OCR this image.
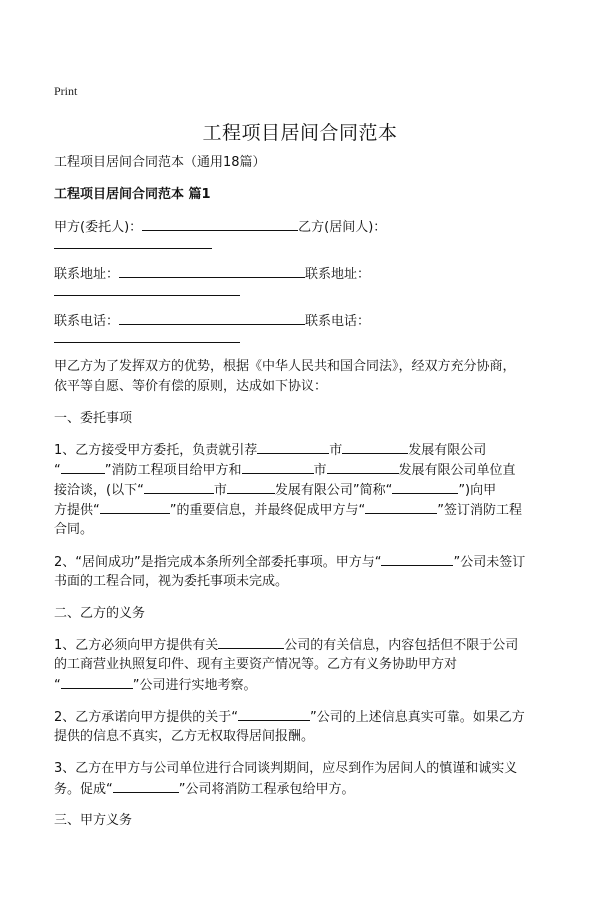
Print
工程项目居间合同范本
工程项目居间合同范本（通用18篇）
工程项目居间合同范本 篇1
甲方(委托人)：	乙方(居间人)：
联系地址：	联系地址：
联系电话：	联系电话：
甲乙方为了发挥双方的优势，根据《中华人民共和国合同法》，经双方充分协商，
依平等自愿、等价有偿的原则，达成如下协议：
一、委托事项
1、乙方接受甲方委托，负责就引荐	市	发展有限公司
“	”消防工程项目给甲方和	市	发展有限公司单位直
接洽谈，(以下“	市	发展有限公司”简称“	”)向甲
方提供“	”的重要信息，并最终促成甲方与“	”签订消防工程
合同。
2、“居间成功”是指完成本条所列全部委托事项。甲方与“	”公司未签订
书面的工程合同，视为委托事项未完成。
二、乙方的义务
1、乙方必须向甲方提供有关	公司的有关信息，内容包括但不限于公司
的工商营业执照复印件、现有主要资产情况等。乙方有义务协助甲方对
“	”公司进行实地考察。
2、乙方承诺向甲方提供的关于“	”公司的上述信息真实可靠。如果乙方
提供的信息不真实，乙方无权取得居间报酬。
3、乙方在甲方与公司单位进行合同谈判期间，应尽到作为居间人的慎谨和诚实义
务。促成“	”公司将消防工程承包给甲方。
三、甲方义务
